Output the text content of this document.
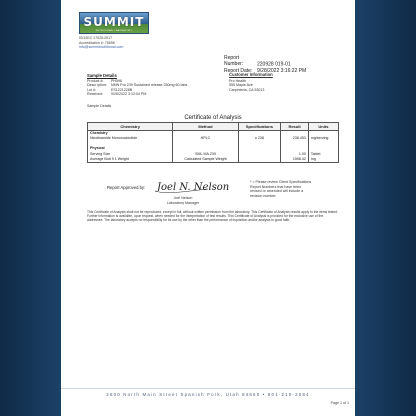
SUMMIT
NUTRITIONAL LABORATORY
ISO/IEC 17025:2017
Accreditation #: 75696
info@summitnutritional.com
Report Number:	220928 019-01
Report Date: 9/28/2022 3:16:22 PM
Sample Details
Product #:	PH596
Descr iption:	NMN Pro 239 Sustained release 250mg 60 tabs
Lot #:	ES1221228B
Received:	9/26/2022 3:12:04 PM
Customer Information
Pro Health
555 Maple Ave
Carpinteria, CA 93013
Sample Details
Certificate of Analysis
Chemistry	Method	Specifications	Result	Units
Chemistry				
Nicotinamide Mononucleotide	HPLC	≥ 238	238.453	mg/serving

Physical				
Serving Size	SML.MA.239		1.00	Tablet
Average Bott 9 1 Weight	Calculated Sample Weight		1598.42	mg
Report Approved by: Joel N. Nelson
Joel Nelson
Laboratory Manager
* = Please review Client Specifications
Report Numbers that have been
revised or amended will include a
revision number.
This Certificate of Analysis shall not be reproduced, except in full, without written permission from the laboratory. This Certificate of Analysis results apply to the items tested. Further information is available, upon request, when needed for the interpretation of test results. This Certificate of Analysis is provided for the exclusive use of the addressee. The laboratory accepts no responsibility for its use by the other than the performance of inquisition and/or analysis in good faith.
2600 North Main Street Spanish Fork, Utah 84660 • 801-210-2084
Page 1 of 1
